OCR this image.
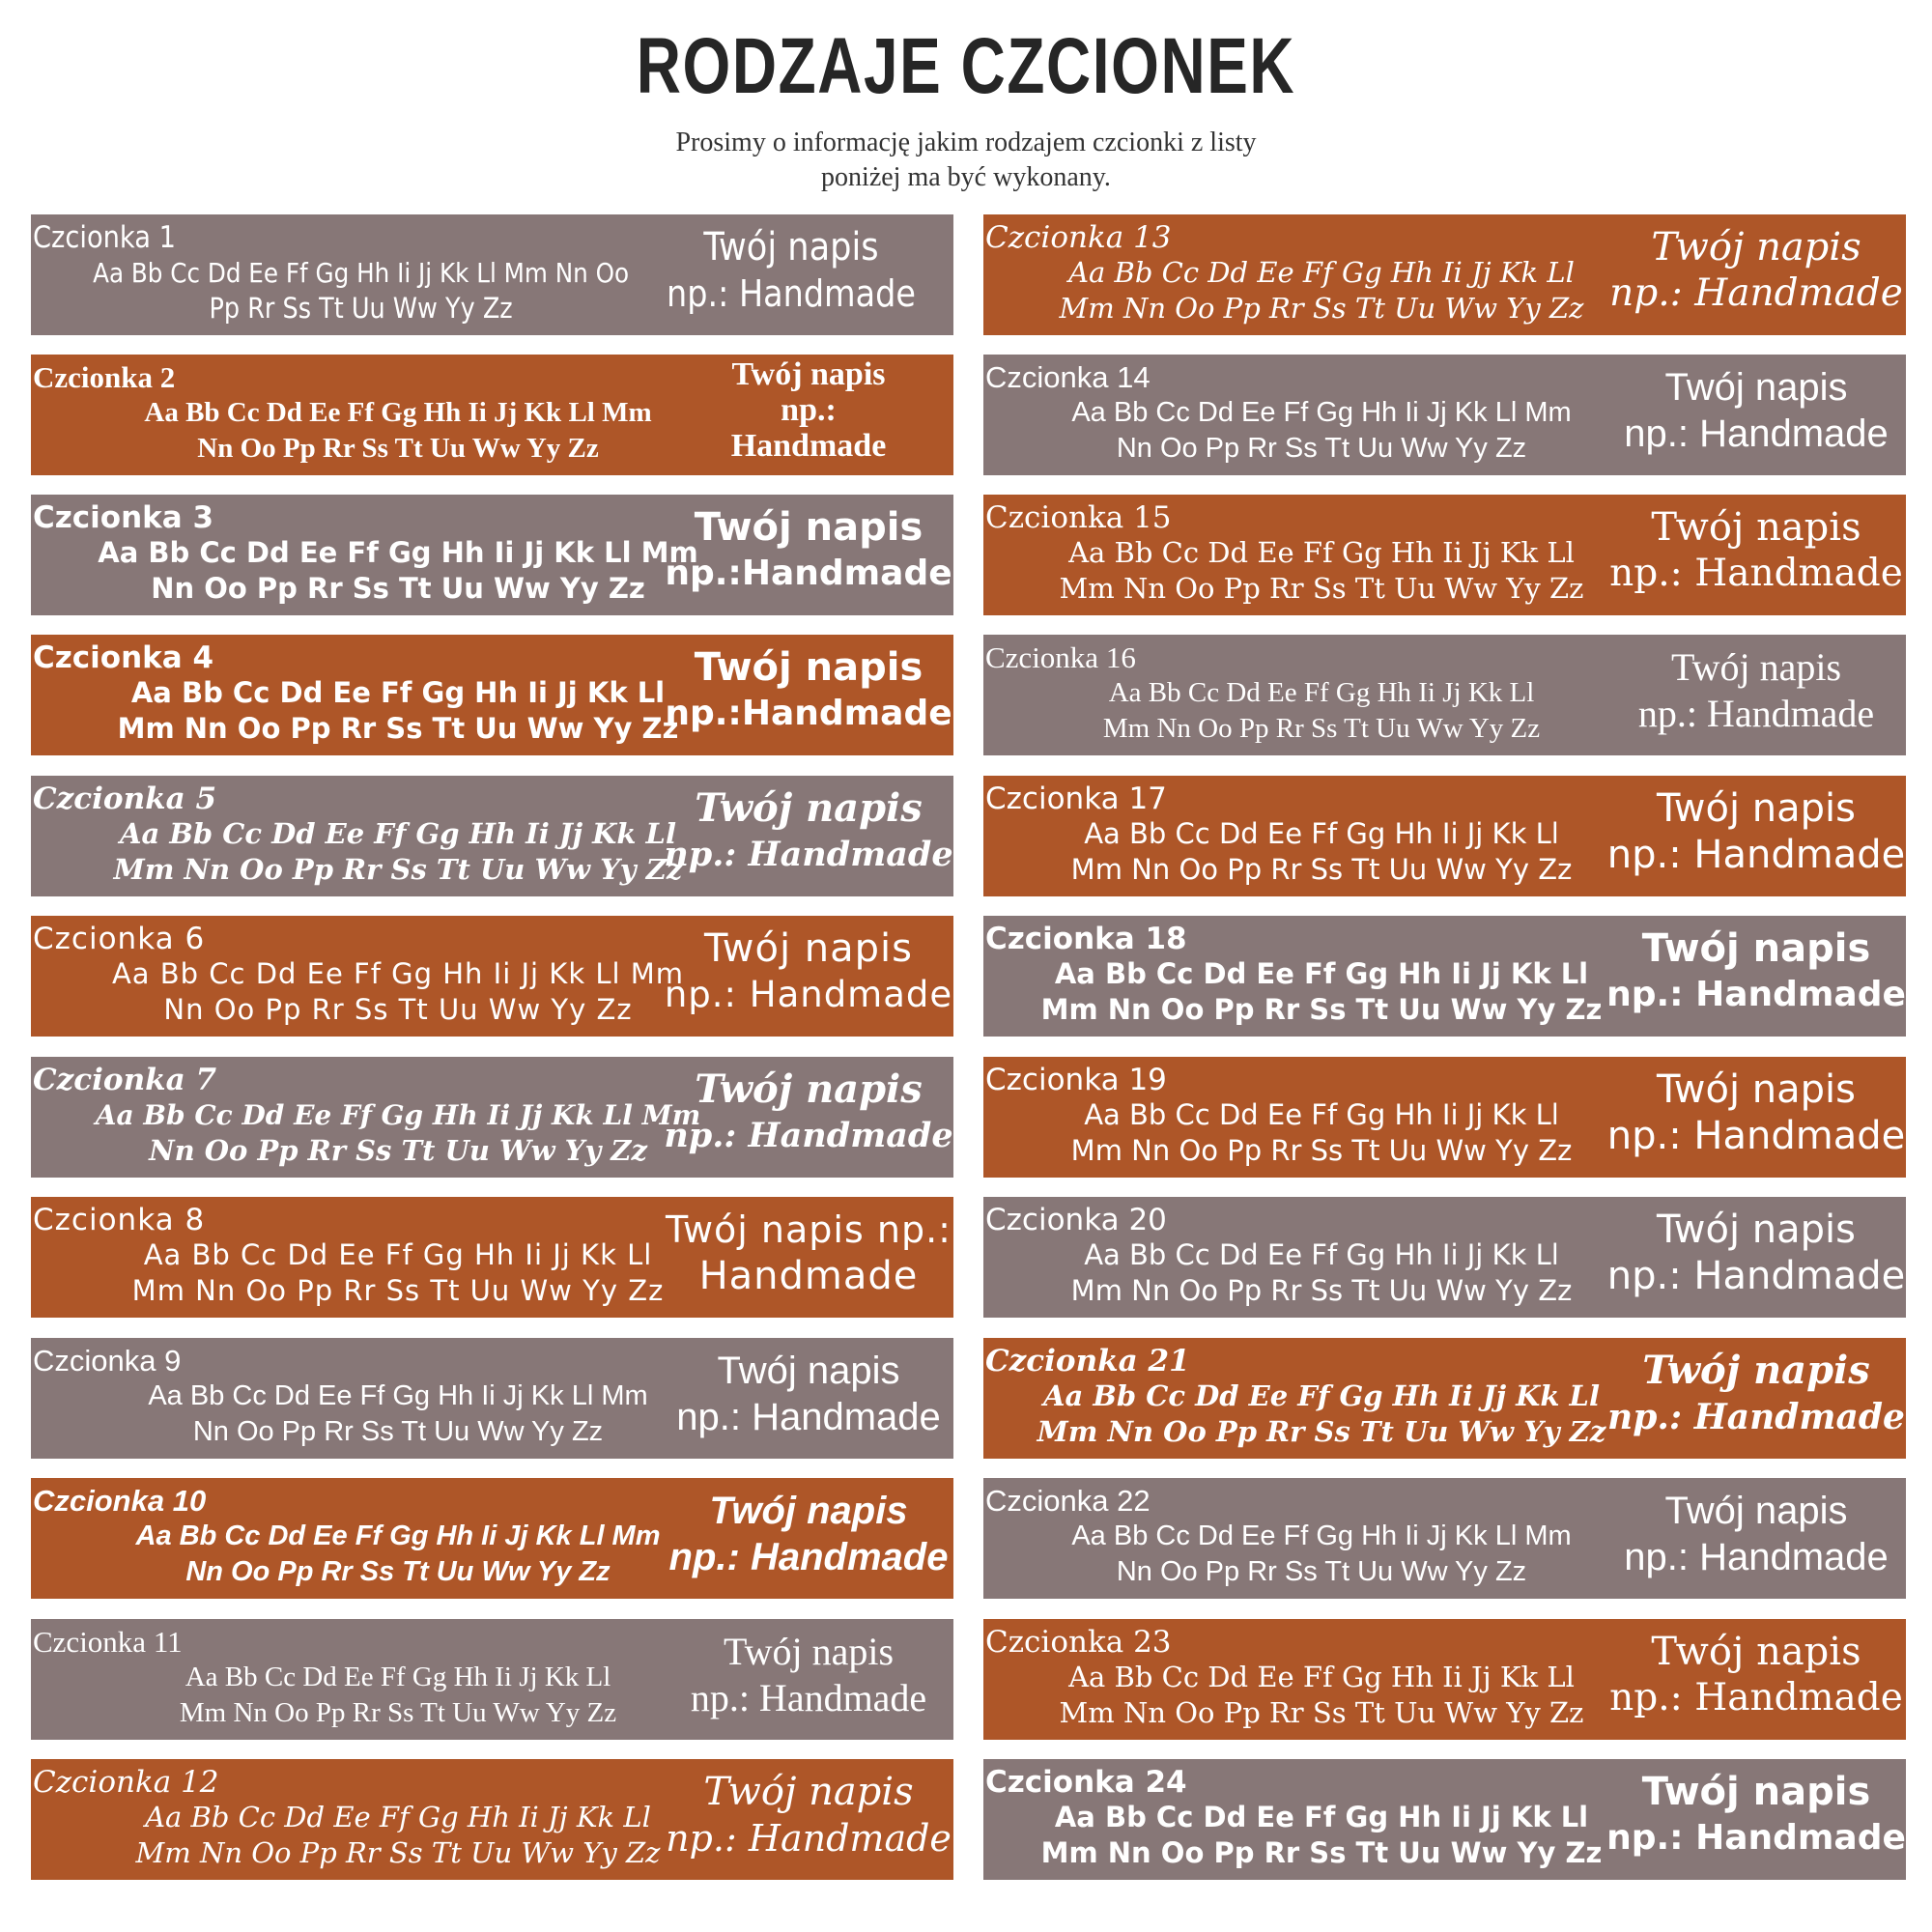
RODZAJE CZCIONEK
Prosimy o informację jakim rodzajem czcionki z listy
poniżej ma być wykonany.
Czcionka 1
Aa Bb Cc Dd Ee Ff Gg Hh Ii Jj Kk Ll Mm Nn Oo
Pp Rr Ss Tt Uu Ww Yy Zz
Twój napis
np.: Handmade
Czcionka 2
Aa Bb Cc Dd Ee Ff Gg Hh Ii Jj Kk Ll Mm
Nn Oo Pp Rr Ss Tt Uu Ww Yy Zz
Twój napis
np.:
Handmade
Czcionka 3
Aa Bb Cc Dd Ee Ff Gg Hh Ii Jj Kk Ll Mm
Nn Oo Pp Rr Ss Tt Uu Ww Yy Zz
Twój napis
np.:Handmade
Czcionka 4
Aa Bb Cc Dd Ee Ff Gg Hh Ii Jj Kk Ll
Mm Nn Oo Pp Rr Ss Tt Uu Ww Yy Zz
Twój napis
np.:Handmade
Czcionka 5
Aa Bb Cc Dd Ee Ff Gg Hh Ii Jj Kk Ll
Mm Nn Oo Pp Rr Ss Tt Uu Ww Yy Zz
Twój napis
np.: Handmade
Czcionka 6
Aa Bb Cc Dd Ee Ff Gg Hh Ii Jj Kk Ll Mm
Nn Oo Pp Rr Ss Tt Uu Ww Yy Zz
Twój napis
np.: Handmade
Czcionka 7
Aa Bb Cc Dd Ee Ff Gg Hh Ii Jj Kk Ll Mm
Nn Oo Pp Rr Ss Tt Uu Ww Yy Zz
Twój napis
np.: Handmade
Czcionka 8
Aa Bb Cc Dd Ee Ff Gg Hh Ii Jj Kk Ll
Mm Nn Oo Pp Rr Ss Tt Uu Ww Yy Zz
Twój napis np.:
Handmade
Czcionka 9
Aa Bb Cc Dd Ee Ff Gg Hh Ii Jj Kk Ll Mm
Nn Oo Pp Rr Ss Tt Uu Ww Yy Zz
Twój napis
np.: Handmade
Czcionka 10
Aa Bb Cc Dd Ee Ff Gg Hh Ii Jj Kk Ll Mm
Nn Oo Pp Rr Ss Tt Uu Ww Yy Zz
Twój napis
np.: Handmade
Czcionka 11
Aa Bb Cc Dd Ee Ff Gg Hh Ii Jj Kk Ll
Mm Nn Oo Pp Rr Ss Tt Uu Ww Yy Zz
Twój napis
np.: Handmade
Czcionka 12
Aa Bb Cc Dd Ee Ff Gg Hh Ii Jj Kk Ll
Mm Nn Oo Pp Rr Ss Tt Uu Ww Yy Zz
Twój napis
np.: Handmade
Czcionka 13
Aa Bb Cc Dd Ee Ff Gg Hh Ii Jj Kk Ll
Mm Nn Oo Pp Rr Ss Tt Uu Ww Yy Zz
Twój napis
np.: Handmade
Czcionka 14
Aa Bb Cc Dd Ee Ff Gg Hh Ii Jj Kk Ll Mm
Nn Oo Pp Rr Ss Tt Uu Ww Yy Zz
Twój napis
np.: Handmade
Czcionka 15
Aa Bb Cc Dd Ee Ff Gg Hh Ii Jj Kk Ll
Mm Nn Oo Pp Rr Ss Tt Uu Ww Yy Zz
Twój napis
np.: Handmade
Czcionka 16
Aa Bb Cc Dd Ee Ff Gg Hh Ii Jj Kk Ll
Mm Nn Oo Pp Rr Ss Tt Uu Ww Yy Zz
Twój napis
np.: Handmade
Czcionka 17
Aa Bb Cc Dd Ee Ff Gg Hh Ii Jj Kk Ll
Mm Nn Oo Pp Rr Ss Tt Uu Ww Yy Zz
Twój napis
np.: Handmade
Czcionka 18
Aa Bb Cc Dd Ee Ff Gg Hh Ii Jj Kk Ll
Mm Nn Oo Pp Rr Ss Tt Uu Ww Yy Zz
Twój napis
np.: Handmade
Czcionka 19
Aa Bb Cc Dd Ee Ff Gg Hh Ii Jj Kk Ll
Mm Nn Oo Pp Rr Ss Tt Uu Ww Yy Zz
Twój napis
np.: Handmade
Czcionka 20
Aa Bb Cc Dd Ee Ff Gg Hh Ii Jj Kk Ll
Mm Nn Oo Pp Rr Ss Tt Uu Ww Yy Zz
Twój napis
np.: Handmade
Czcionka 21
Aa Bb Cc Dd Ee Ff Gg Hh Ii Jj Kk Ll
Mm Nn Oo Pp Rr Ss Tt Uu Ww Yy Zz
Twój napis
np.: Handmade
Czcionka 22
Aa Bb Cc Dd Ee Ff Gg Hh Ii Jj Kk Ll Mm
Nn Oo Pp Rr Ss Tt Uu Ww Yy Zz
Twój napis
np.: Handmade
Czcionka 23
Aa Bb Cc Dd Ee Ff Gg Hh Ii Jj Kk Ll
Mm Nn Oo Pp Rr Ss Tt Uu Ww Yy Zz
Twój napis
np.: Handmade
Czcionka 24
Aa Bb Cc Dd Ee Ff Gg Hh Ii Jj Kk Ll
Mm Nn Oo Pp Rr Ss Tt Uu Ww Yy Zz
Twój napis
np.: Handmade
